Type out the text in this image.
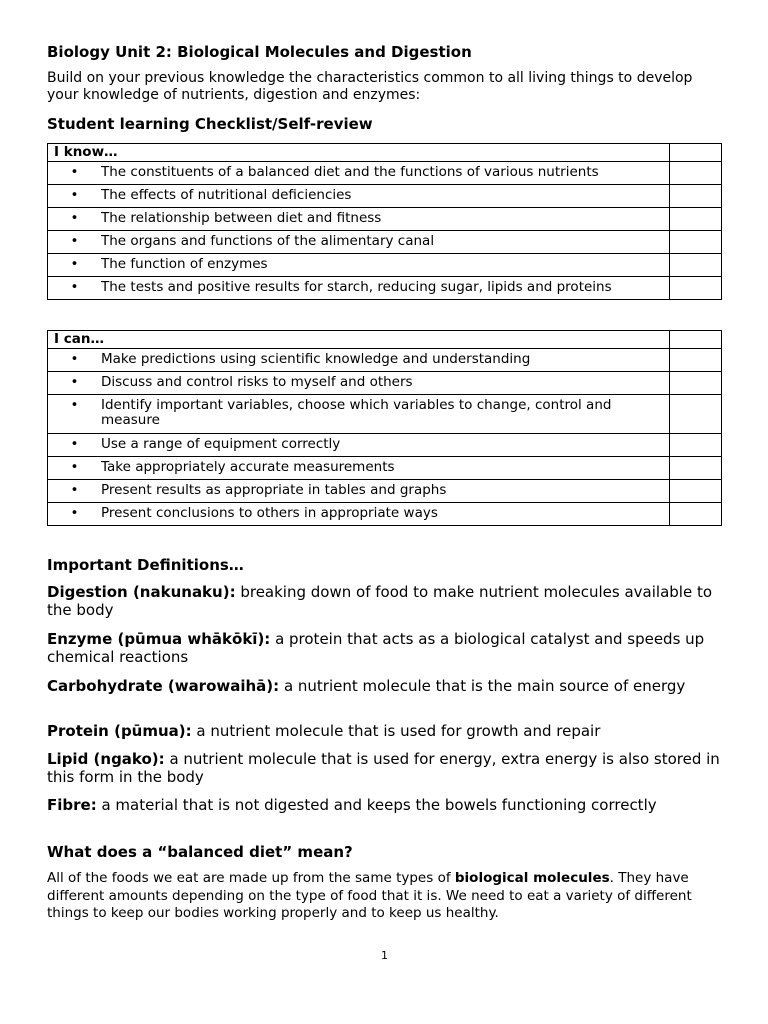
Biology Unit 2: Biological Molecules and Digestion

Build on your previous knowledge the characteristics common to all living things to develop your knowledge of nutrients, digestion and enzymes:

Student learning Checklist/Self-review

I know…	

• The constituents of a balanced diet and the functions of various nutrients	

• The effects of nutritional deficiencies	

• The relationship between diet and fitness	

• The organs and functions of the alimentary canal	

• The function of enzymes	

• The tests and positive results for starch, reducing sugar, lipids and proteins	

I can…	

• Make predictions using scientific knowledge and understanding	

• Discuss and control risks to myself and others	

• Identify important variables, choose which variables to change, control and measure	

• Use a range of equipment correctly	

• Take appropriately accurate measurements	

• Present results as appropriate in tables and graphs	

• Present conclusions to others in appropriate ways	

Important Definitions…

Digestion (nakunaku): breaking down of food to make nutrient molecules available to the body

Enzyme (pūmua whākōkī): a protein that acts as a biological catalyst and speeds up chemical reactions

Carbohydrate (warowaihā): a nutrient molecule that is the main source of energy

Protein (pūmua): a nutrient molecule that is used for growth and repair

Lipid (ngako): a nutrient molecule that is used for energy, extra energy is also stored in this form in the body

Fibre: a material that is not digested and keeps the bowels functioning correctly

What does a “balanced diet” mean?

All of the foods we eat are made up from the same types of biological molecules. They have different amounts depending on the type of food that it is. We need to eat a variety of different things to keep our bodies working properly and to keep us healthy.

1
